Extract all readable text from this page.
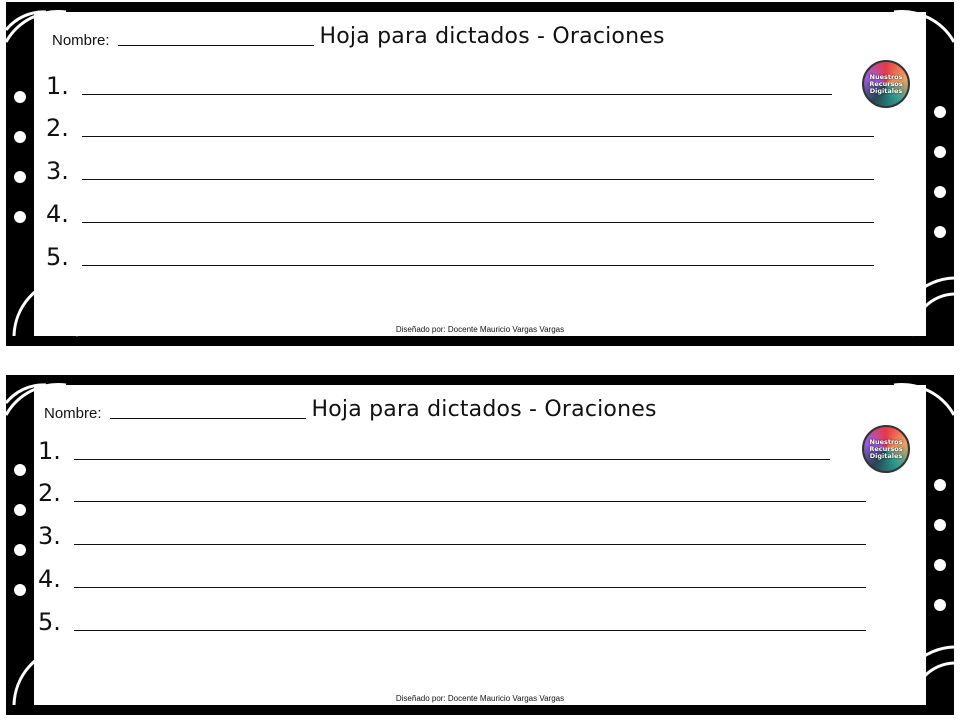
Nombre:	Hoja para dictados - Oraciones
Nuestros
Recursos
Digitales
1.
2.
3.
4.
5.
Diseñado por: Docente Mauricio Vargas Vargas
Nombre:	Hoja para dictados - Oraciones
Nuestros
Recursos
Digitales
1.
2.
3.
4.
5.
Diseñado por: Docente Mauricio Vargas Vargas
